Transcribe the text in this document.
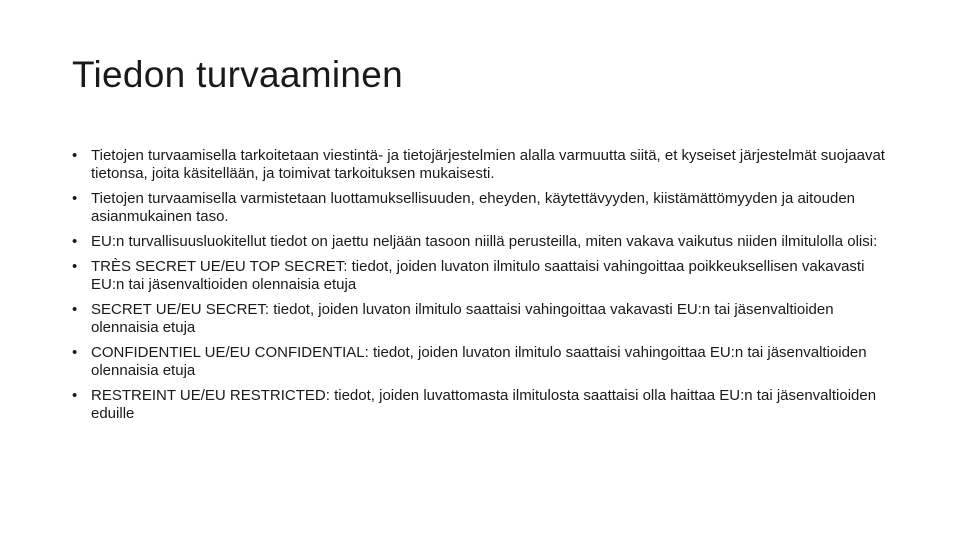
Tiedon turvaaminen
• Tietojen turvaamisella tarkoitetaan viestintä- ja tietojärjestelmien alalla varmuutta siitä, et kyseiset järjestelmät suojaavat tietonsa, joita käsitellään, ja toimivat tarkoituksen mukaisesti.
• Tietojen turvaamisella varmistetaan luottamuksellisuuden, eheyden, käytettävyyden, kiistämättömyyden ja aitouden asianmukainen taso.
• EU:n turvallisuusluokitellut tiedot on jaettu neljään tasoon niillä perusteilla, miten vakava vaikutus niiden ilmitulolla olisi:
• TRÈS SECRET UE/EU TOP SECRET: tiedot, joiden luvaton ilmitulo saattaisi vahingoittaa poikkeuksellisen vakavasti EU:n tai jäsenvaltioiden olennaisia etuja
• SECRET UE/EU SECRET: tiedot, joiden luvaton ilmitulo saattaisi vahingoittaa vakavasti EU:n tai jäsenvaltioiden olennaisia etuja
• CONFIDENTIEL UE/EU CONFIDENTIAL: tiedot, joiden luvaton ilmitulo saattaisi vahingoittaa EU:n tai jäsenvaltioiden olennaisia etuja
• RESTREINT UE/EU RESTRICTED: tiedot, joiden luvattomasta ilmitulosta saattaisi olla haittaa EU:n tai jäsenvaltioiden eduille
